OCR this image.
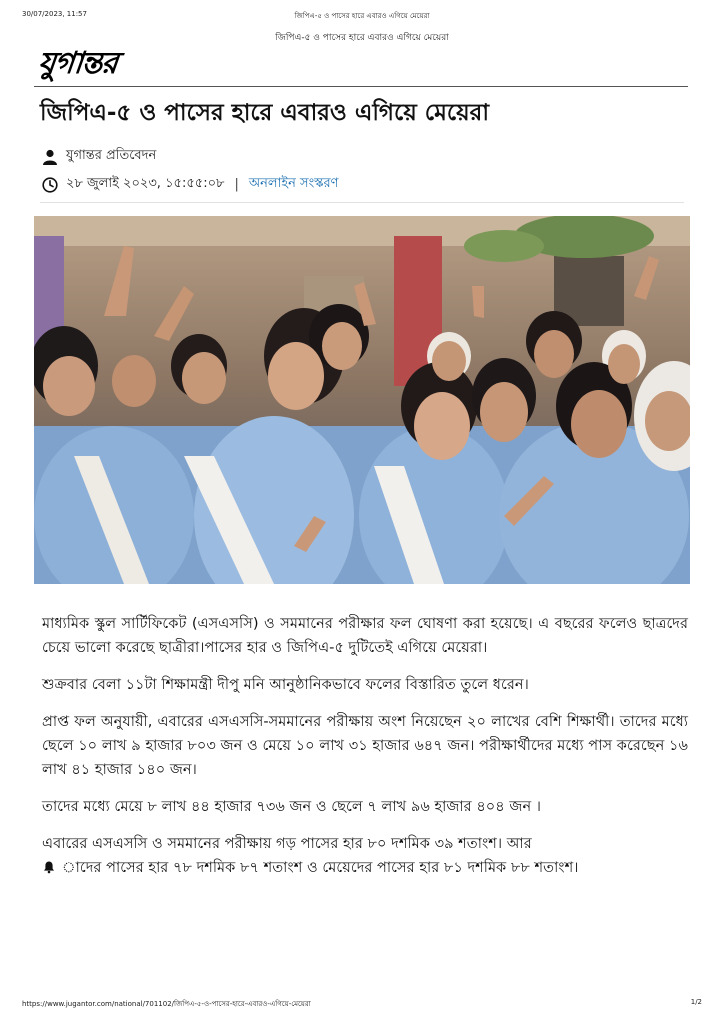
30/07/2023, 11:57	জিপিএ-৫ ও পাসের হারে এবারও এগিয়ে মেয়েরা
জিপিএ-৫ ও পাসের হারে এবারও এগিয়ে মেয়েরা
যুগান্তর
জিপিএ-৫ ও পাসের হারে এবারও এগিয়ে মেয়েরা
যুগান্তর প্রতিবেদন
২৮ জুলাই ২০২৩, ১৫:৫৫:০৮ | অনলাইন সংস্করণ

মাধ্যমিক স্কুল সার্টিফিকেট (এসএসসি) ও সমমানের পরীক্ষার ফল ঘোষণা করা হয়েছে। এ বছরের ফলেও ছাত্রদের চেয়ে ভালো করেছে ছাত্রীরা।পাসের হার ও জিপিএ-৫ দুটিতেই এগিয়ে মেয়েরা।

শুক্রবার বেলা ১১টা শিক্ষামন্ত্রী দীপু মনি আনুষ্ঠানিকভাবে ফলের বিস্তারিত তুলে ধরেন।

প্রাপ্ত ফল অনুযায়ী, এবারের এসএসসি-সমমানের পরীক্ষায় অংশ নিয়েছেন ২০ লাখের বেশি শিক্ষার্থী। তাদের মধ্যে ছেলে ১০ লাখ ৯ হাজার ৮০৩ জন ও মেয়ে ১০ লাখ ৩১ হাজার ৬৪৭ জন। পরীক্ষার্থীদের মধ্যে পাস করেছেন ১৬ লাখ ৪১ হাজার ১৪০ জন।

তাদের মধ্যে মেয়ে ৮ লাখ ৪৪ হাজার ৭৩৬ জন ও ছেলে ৭ লাখ ৯৬ হাজার ৪০৪ জন ।

এবারের এসএসসি ও সমমানের পরীক্ষায় গড় পাসের হার ৮০ দশমিক ৩৯ শতাংশ। আর
াদের পাসের হার ৭৮ দশমিক ৮৭ শতাংশ ও মেয়েদের পাসের হার ৮১ দশমিক ৮৮ শতাংশ।

https://www.jugantor.com/national/701102/জিপিএ-৫-ও-পাসের-হারে-এবারও-এগিয়ে-মেয়েরা	1/2
